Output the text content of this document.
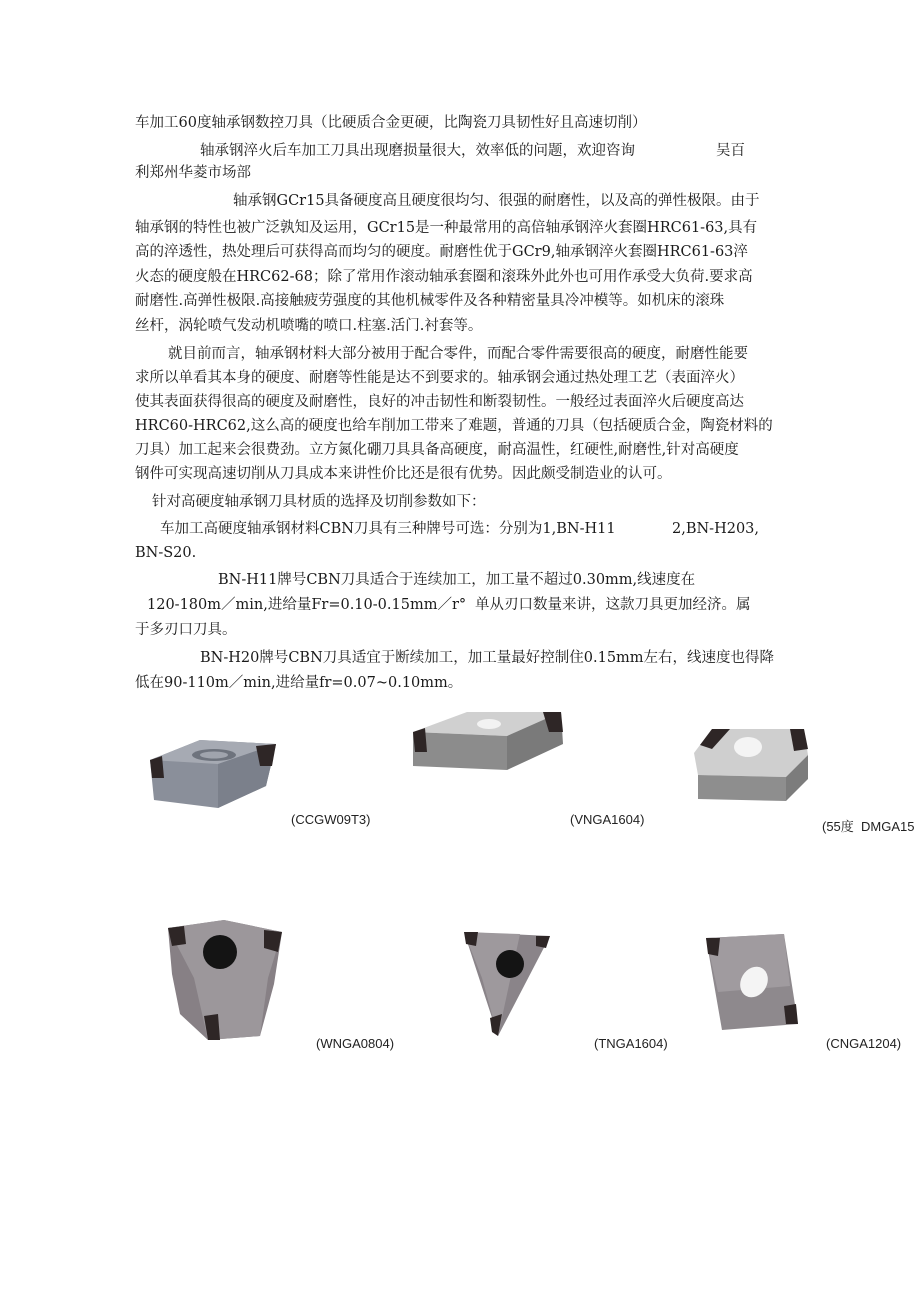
车加工60度轴承钢数控刀具（比硬质合金更硬，比陶瓷刀具韧性好且高速切削）
轴承钢淬火后车加工刀具出现磨损量很大，效率低的问题，欢迎咨询	吴百
利郑州华菱市场部
轴承钢GCr15具备硬度高且硬度很均匀、很强的耐磨性，以及高的弹性极限。由于
轴承钢的特性也被广泛孰知及运用，GCr15是一种最常用的高倍轴承钢淬火套圈HRC61-63,具有
高的淬透性，热处理后可获得高而均匀的硬度。耐磨性优于GCr9,轴承钢淬火套圈HRC61-63淬
火态的硬度般在HRC62-68；除了常用作滚动轴承套圈和滚珠外此外也可用作承受大负荷.要求高
耐磨性.高弹性极限.高接触疲劳强度的其他机械零件及各种精密量具冷冲模等。如机床的滚珠
丝杆，涡轮喷气发动机喷嘴的喷口.柱塞.活门.衬套等。
就目前而言，轴承钢材料大部分被用于配合零件，而配合零件需要很高的硬度，耐磨性能要
求所以单看其本身的硬度、耐磨等性能是达不到要求的。轴承钢会通过热处理工艺（表面淬火）
使其表面获得很高的硬度及耐磨性，良好的冲击韧性和断裂韧性。一般经过表面淬火后硬度高达
HRC60-HRC62,这么高的硬度也给车削加工带来了难题，普通的刀具（包括硬质合金，陶瓷材料的
刀具）加工起来会很费劲。立方氮化硼刀具具备高硬度，耐高温性，红硬性,耐磨性,针对高硬度
钢件可实现高速切削从刀具成本来讲性价比还是很有优势。因此颇受制造业的认可。
针对高硬度轴承钢刀具材质的选择及切削参数如下：
车加工高硬度轴承钢材料CBN刀具有三种牌号可选：分别为1,BN-H11	2,BN-H203,
BN-S20.
BN-H11牌号CBN刀具适合于连续加工，加工量不超过0.30mm,线速度在
120-180m／min,进给量Fr=0.10-0.15mm／r° 单从刃口数量来讲，这款刀具更加经济。属
于多刃口刀具。
BN-H20牌号CBN刀具适宜于断续加工，加工量最好控制住0.15mm左右，线速度也得降
低在90-110m／min,进给量fr=0.07~0.10mm。
(CCGW09T3)	(VNGA1604)	(55度  DMGA15
(WNGA0804)	(TNGA1604)	(CNGA1204)
